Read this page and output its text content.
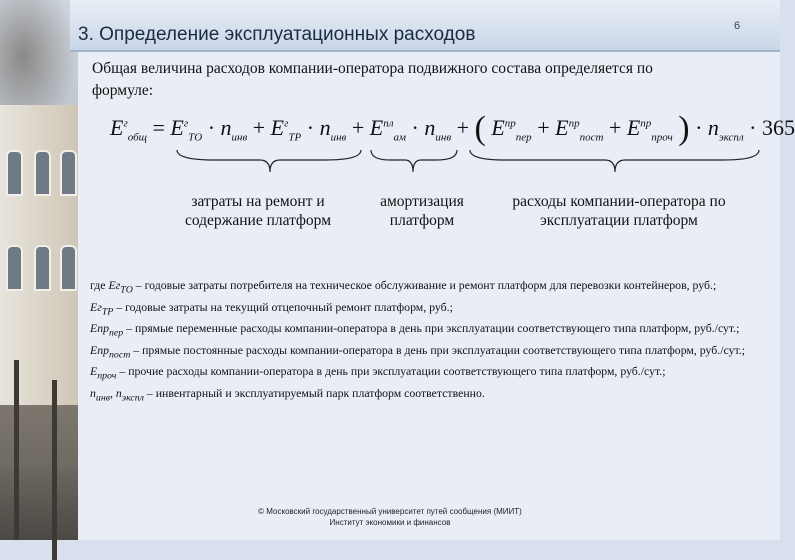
3. Определение эксплуатационных расходов	6
Общая величина расходов компании-оператора подвижного состава определяется по формуле:
$E^г_{общ} = E^г_{ТО} \cdot n_{инв} + E^г_{ТР} \cdot n_{инв} + E^{пл}_{ам} \cdot n_{инв}$ + ( $E^{пр}_{пер} + E^{пр}_{пост} + E^{пр}_{проч}$ ) · $n_{экспл} \cdot 365$
затраты на ремонт и содержание платформ
амортизация платформ
расходы компании-оператора по эксплуатации платформ

где $Eг_{ТО}$ – годовые затраты потребителя на техническое обслуживание и ремонт платформ для перевозки контейнеров, руб.;

$Eг_{ТР}$ – годовые затраты на текущий отцепочный ремонт платформ, руб.;

Eпр$_{пер}$ – прямые переменные расходы компании-оператора в день при эксплуатации соответствующего типа платформ, руб./сут.;

Eпр$_{пост}$ – прямые постоянные расходы компании-оператора в день при эксплуатации соответствующего типа платформ, руб./сут.;

$E_{проч}$ – прочие расходы компании-оператора в день при эксплуатации соответствующего типа платформ, руб./сут.;

$n_{инв}$, $n_{экспл}$ – инвентарный и эксплуатируемый парк платформ соответственно.

© Московский государственный университет путей сообщения (МИИТ)
Институт экономики и финансов
